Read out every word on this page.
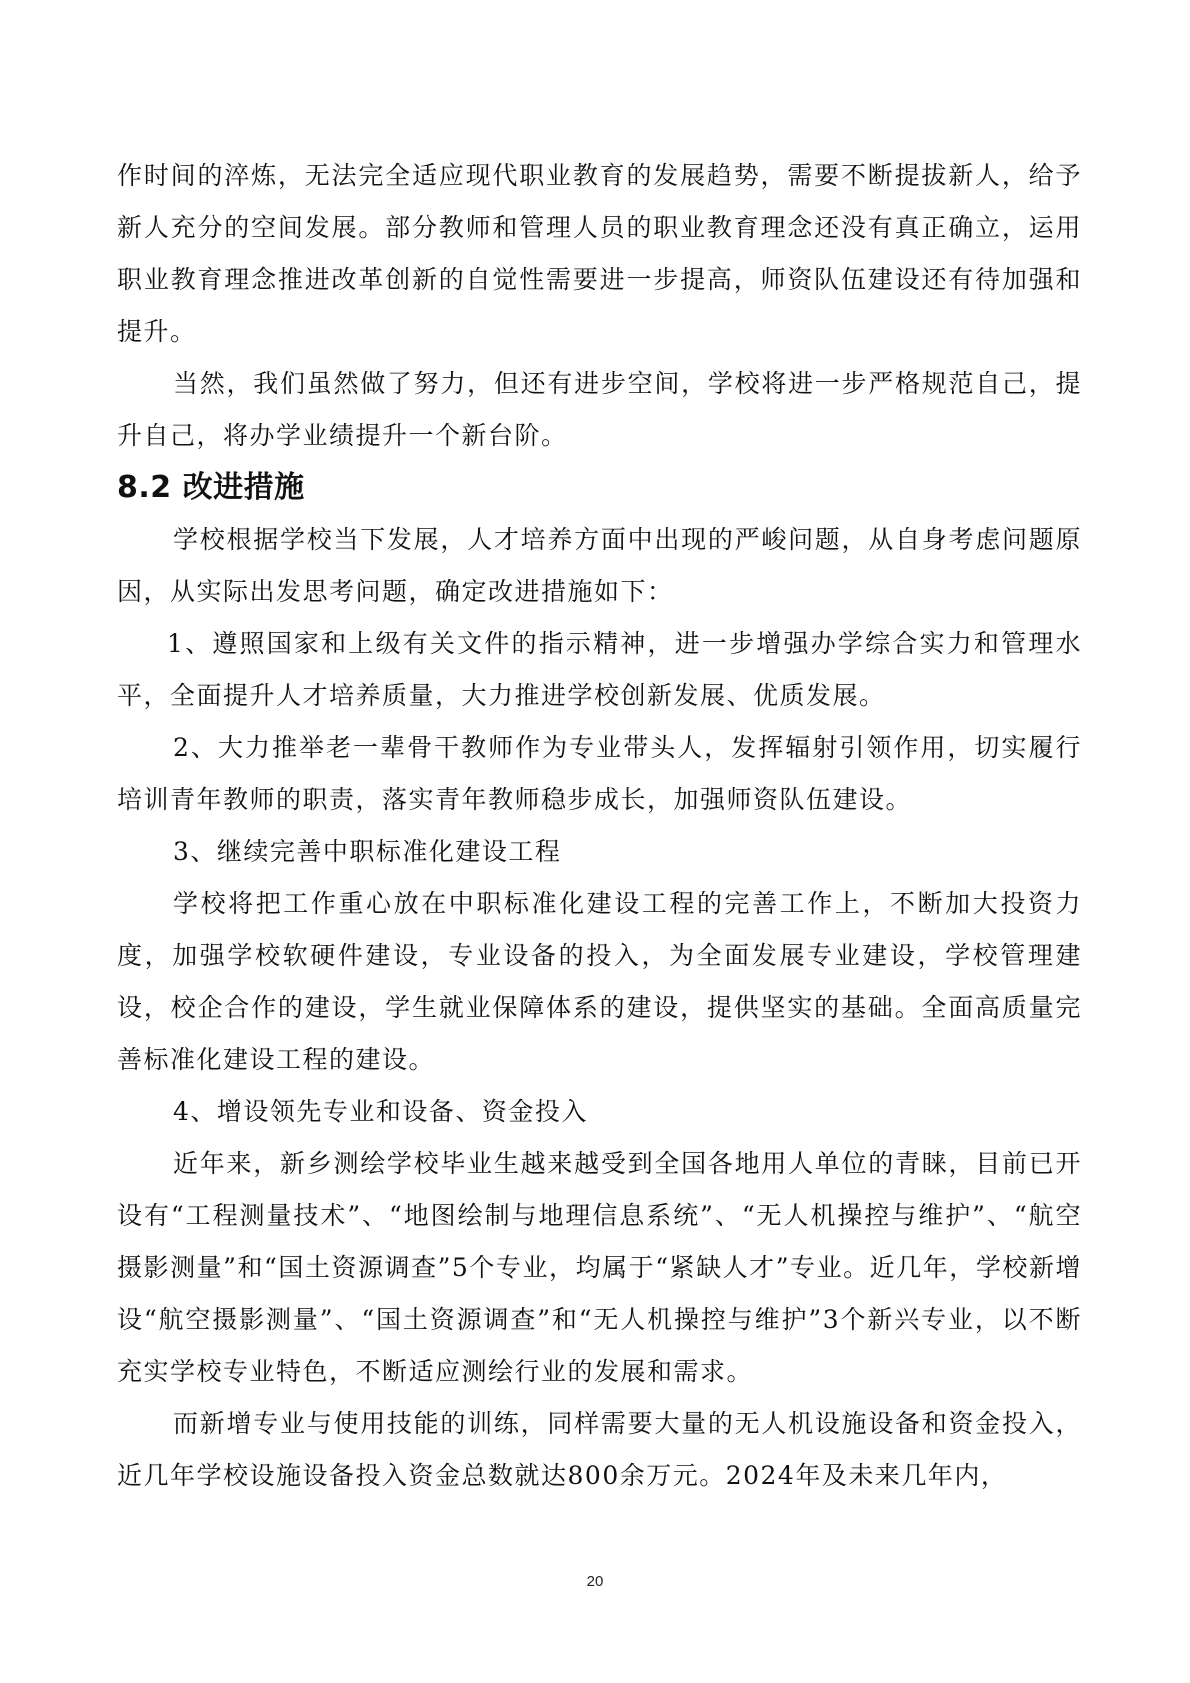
作时间的淬炼，无法完全适应现代职业教育的发展趋势，需要不断提拔新人，给予新人充分的空间发展。部分教师和管理人员的职业教育理念还没有真正确立，运用职业教育理念推进改革创新的自觉性需要进一步提高，师资队伍建设还有待加强和提升。

当然，我们虽然做了努力，但还有进步空间，学校将进一步严格规范自己，提升自己，将办学业绩提升一个新台阶。

8.2 改进措施

学校根据学校当下发展，人才培养方面中出现的严峻问题，从自身考虑问题原因，从实际出发思考问题，确定改进措施如下：

1、遵照国家和上级有关文件的指示精神，进一步增强办学综合实力和管理水平，全面提升人才培养质量，大力推进学校创新发展、优质发展。

2、大力推举老一辈骨干教师作为专业带头人，发挥辐射引领作用，切实履行培训青年教师的职责，落实青年教师稳步成长，加强师资队伍建设。

3、继续完善中职标准化建设工程

学校将把工作重心放在中职标准化建设工程的完善工作上，不断加大投资力度，加强学校软硬件建设，专业设备的投入，为全面发展专业建设，学校管理建设，校企合作的建设，学生就业保障体系的建设，提供坚实的基础。全面高质量完善标准化建设工程的建设。

4、增设领先专业和设备、资金投入

近年来，新乡测绘学校毕业生越来越受到全国各地用人单位的青睐，目前已开设有“工程测量技术”、“地图绘制与地理信息系统”、“无人机操控与维护”、“航空摄影测量”和“国土资源调查”5个专业，均属于“紧缺人才”专业。近几年，学校新增设“航空摄影测量”、“国土资源调查”和“无人机操控与维护”3个新兴专业，以不断充实学校专业特色，不断适应测绘行业的发展和需求。

而新增专业与使用技能的训练，同样需要大量的无人机设施设备和资金投入，近几年学校设施设备投入资金总数就达800余万元。2024年及未来几年内，

20
